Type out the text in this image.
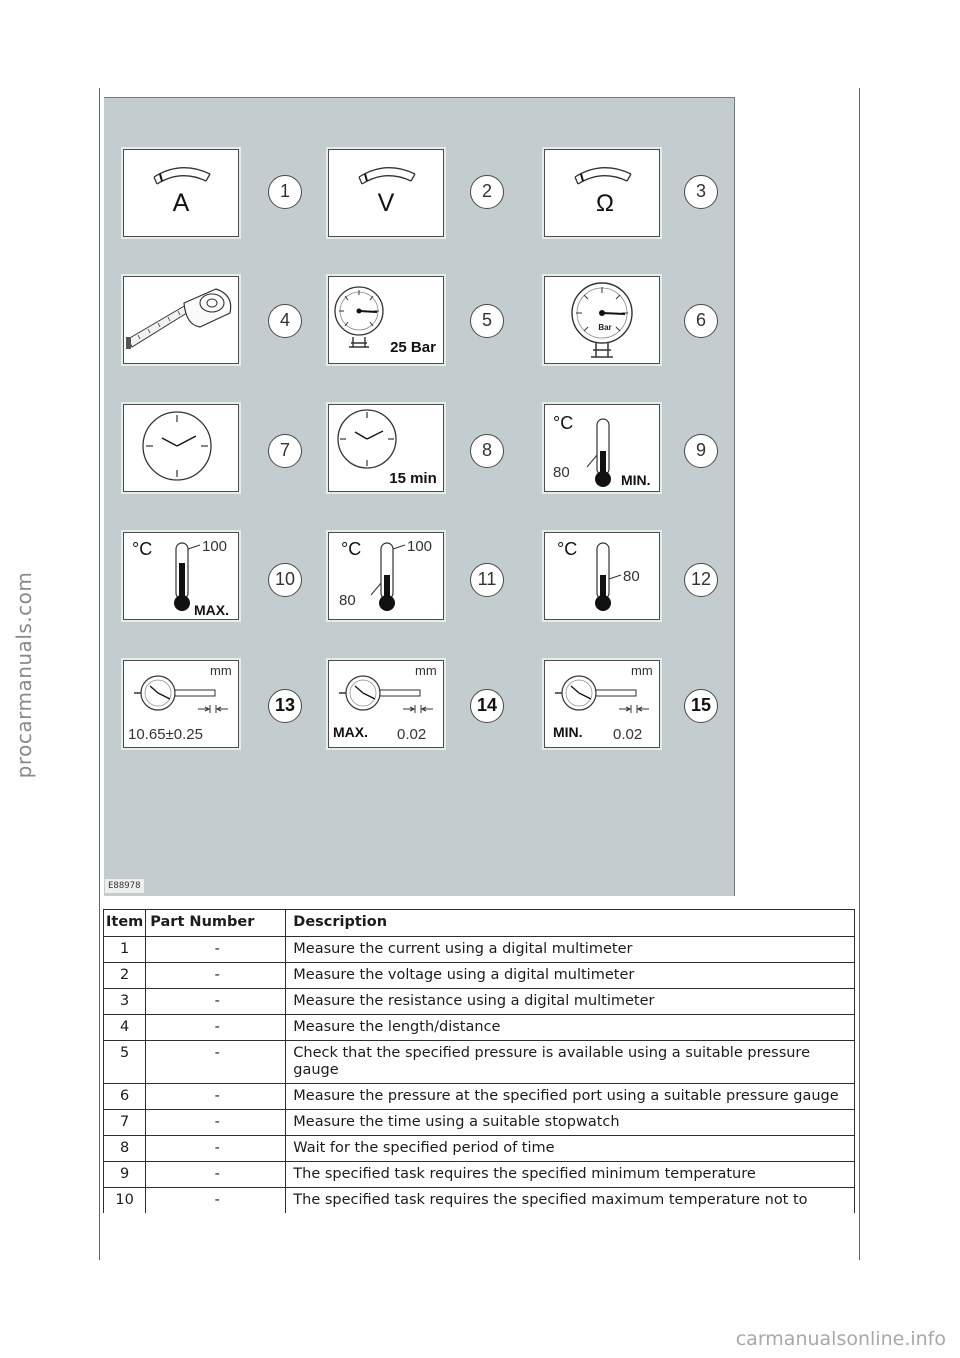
procarmanuals.com
carmanualsonline.info
A	1	V	2	Ω	3
4
25 Bar
5	Bar	6
7
15 min
8
°C
80	MIN.
9
°C	100
MAX.
10
°C	100
80
11
°C
80	12
mm
10.65±0.25
13
mm
MAX. 0.02
14
mm
MIN. 0.02
15
E88978
Item	Part Number	Description
1	-	Measure the current using a digital multimeter
2	-	Measure the voltage using a digital multimeter
3	-	Measure the resistance using a digital multimeter
4	-	Measure the length/distance
5	-	Check that the specified pressure is available using a suitable pressure gauge
6	-	Measure the pressure at the specified port using a suitable pressure gauge
7	-	Measure the time using a suitable stopwatch
8	-	Wait for the specified period of time
9	-	The specified task requires the specified minimum temperature
10	-	The specified task requires the specified maximum temperature not to
